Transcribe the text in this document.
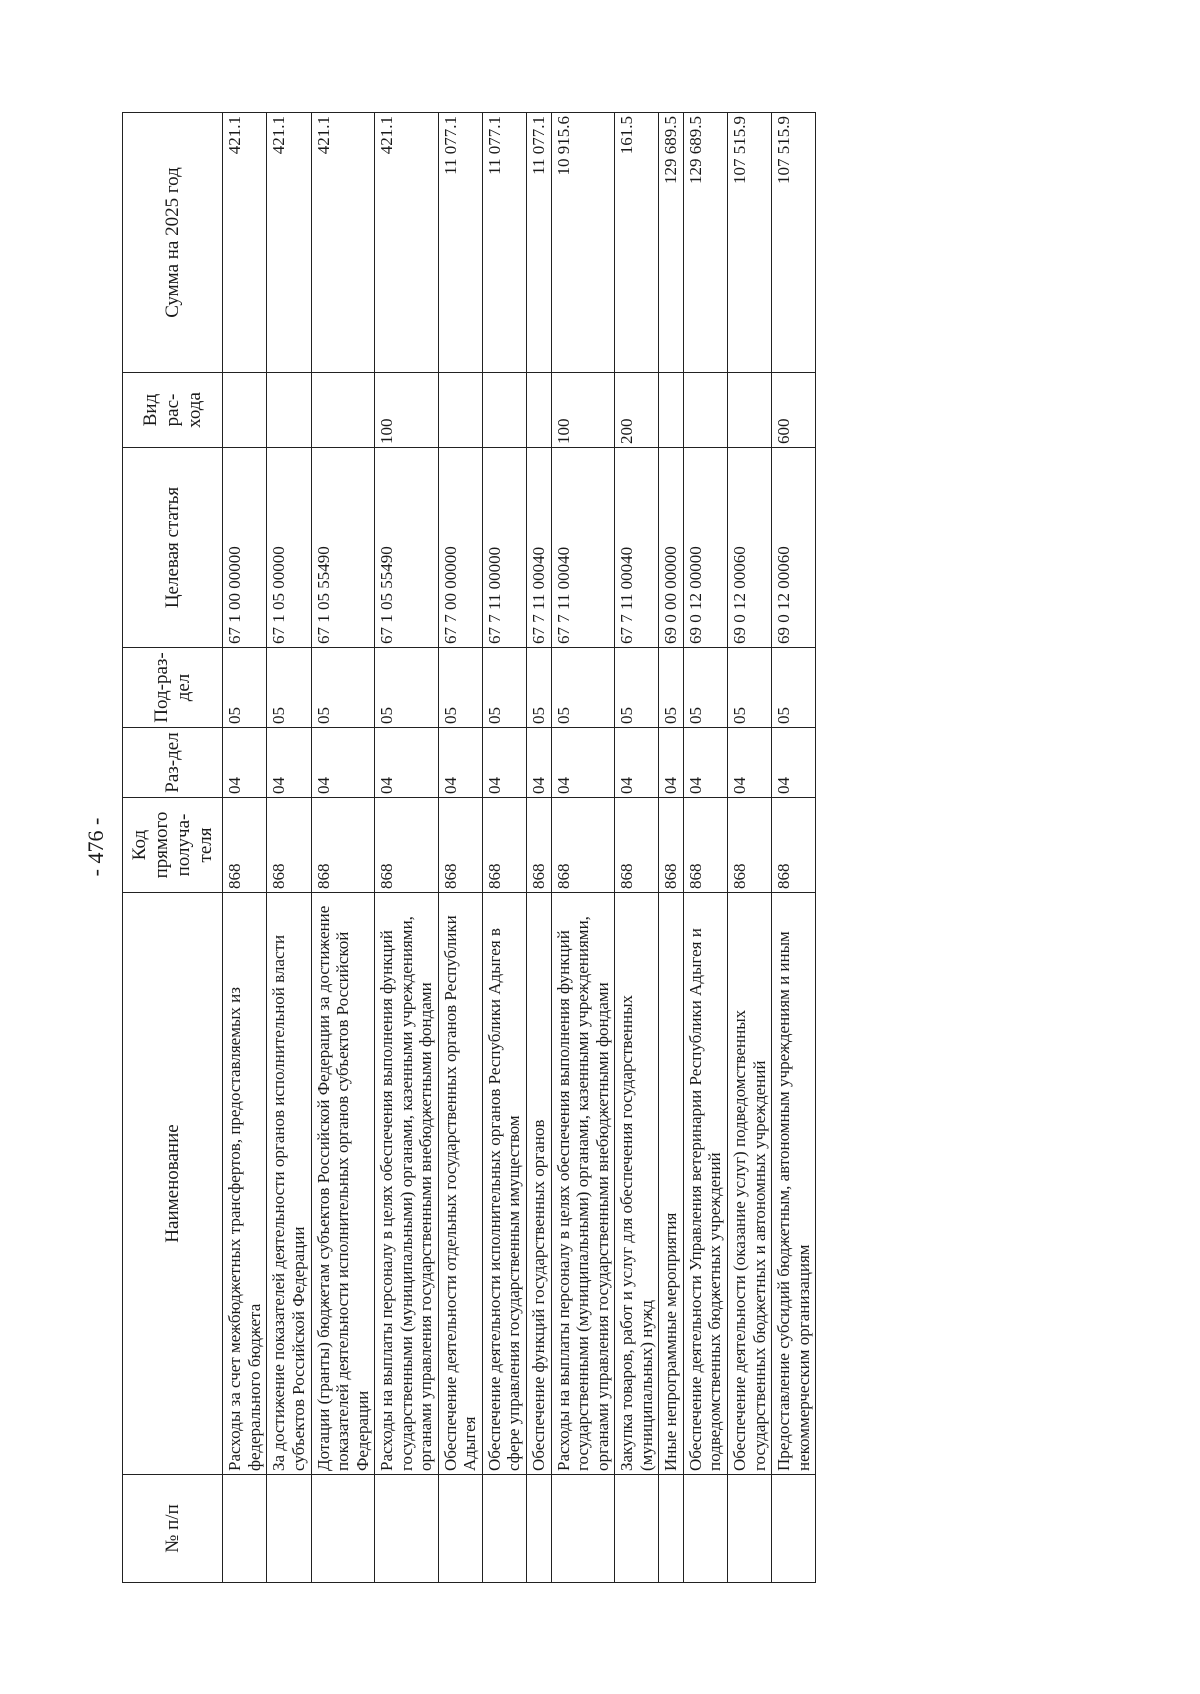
- 476 -
№ п/п	Наименование	Код прямого получа-теля	Раз-дел	Под-раз-дел	Целевая статья	Вид рас-хода	Сумма на 2025 год
	Расходы за счет межбюджетных трансфертов, предоставляемых из федерального бюджета	868	04	05	67 1 00 00000		421.1
	За достижение показателей деятельности органов исполнительной власти субъектов Российской Федерации	868	04	05	67 1 05 00000		421.1
	Дотации (гранты) бюджетам субъектов Российской Федерации за достижение показателей деятельности исполнительных органов субъектов Российской Федерации	868	04	05	67 1 05 55490		421.1
	Расходы на выплаты персоналу в целях обеспечения выполнения функций государственными (муниципальными) органами, казенными учреждениями, органами управления государственными внебюджетными фондами	868	04	05	67 1 05 55490	100	421.1
	Обеспечение деятельности отдельных государственных органов Республики Адыгея	868	04	05	67 7 00 00000		11 077.1
	Обеспечение деятельности исполнительных органов Республики Адыгея в сфере управления государственным имуществом	868	04	05	67 7 11 00000		11 077.1
	Обеспечение функций государственных органов	868	04	05	67 7 11 00040		11 077.1
	Расходы на выплаты персоналу в целях обеспечения выполнения функций государственными (муниципальными) органами, казенными учреждениями, органами управления государственными внебюджетными фондами	868	04	05	67 7 11 00040	100	10 915.6
	Закупка товаров, работ и услуг для обеспечения государственных (муниципальных) нужд	868	04	05	67 7 11 00040	200	161.5
	Иные непрограммные мероприятия	868	04	05	69 0 00 00000		129 689.5
	Обеспечение деятельности Управления ветеринарии Республики Адыгея и подведомственных бюджетных учреждений	868	04	05	69 0 12 00000		129 689.5
	Обеспечение деятельности (оказание услуг) подведомственных государственных бюджетных и автономных учреждений	868	04	05	69 0 12 00060		107 515.9
	Предоставление субсидий бюджетным, автономным учреждениям и иным некоммерческим организациям	868	04	05	69 0 12 00060	600	107 515.9
